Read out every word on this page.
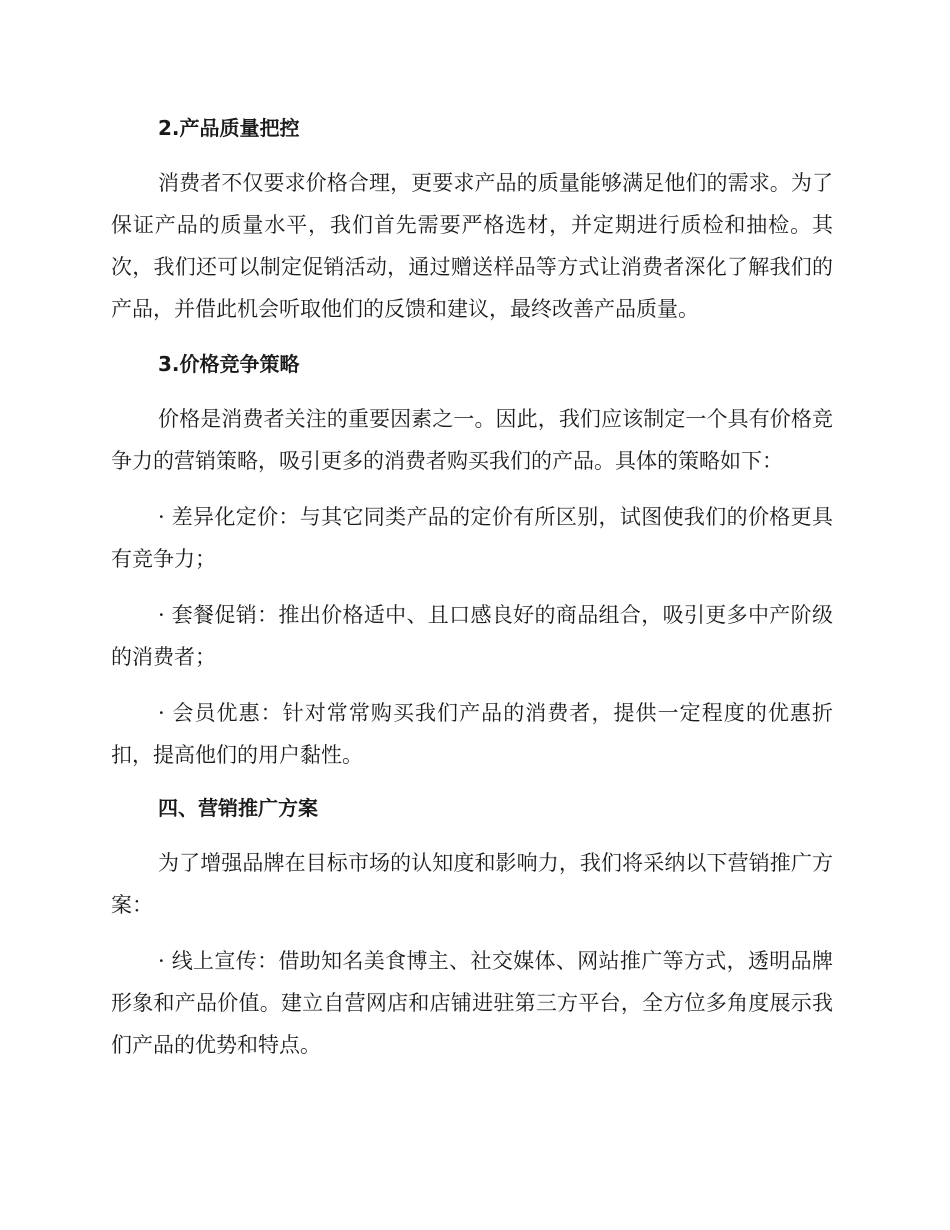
2.产品质量把控

消费者不仅要求价格合理，更要求产品的质量能够满足他们的需求。为了保证产品的质量水平，我们首先需要严格选材，并定期进行质检和抽检。其次，我们还可以制定促销活动，通过赠送样品等方式让消费者深化了解我们的产品，并借此机会听取他们的反馈和建议，最终改善产品质量。

3.价格竞争策略

价格是消费者关注的重要因素之一。因此，我们应该制定一个具有价格竞争力的营销策略，吸引更多的消费者购买我们的产品。具体的策略如下：

· 差异化定价：与其它同类产品的定价有所区别，试图使我们的价格更具有竞争力；

· 套餐促销：推出价格适中、且口感良好的商品组合，吸引更多中产阶级的消费者；

· 会员优惠：针对常常购买我们产品的消费者，提供一定程度的优惠折扣，提高他们的用户黏性。

四、营销推广方案

为了增强品牌在目标市场的认知度和影响力，我们将采纳以下营销推广方案：

· 线上宣传：借助知名美食博主、社交媒体、网站推广等方式，透明品牌形象和产品价值。建立自营网店和店铺进驻第三方平台，全方位多角度展示我们产品的优势和特点。
